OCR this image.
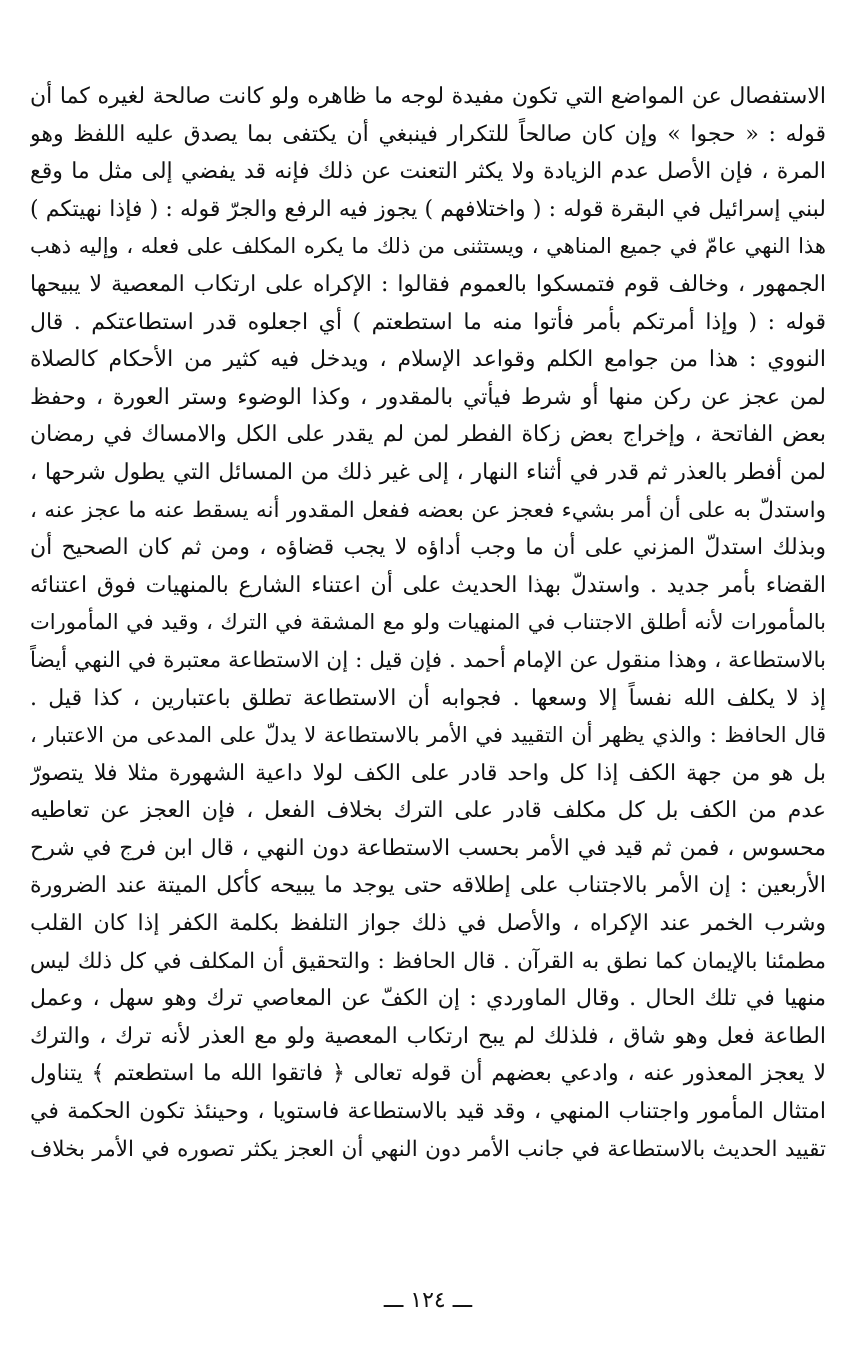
الاستفصال عن المواضع التي تكون مفيدة لوجه ما ظاهره ولو كانت صالحة لغيره كما أن
قوله : « حجوا » وإن كان صالحاً للتكرار فينبغي أن يكتفى بما يصدق عليه اللفظ وهو
المرة ، فإن الأصل عدم الزيادة ولا يكثر التعنت عن ذلك فإنه قد يفضي إلى مثل ما وقع
لبني إسرائيل في البقرة قوله : ( واختلافهم ) يجوز فيه الرفع والجرّ قوله : ( فإذا نهيتكم )
هذا النهي عامّ في جميع المناهي ، ويستثنى من ذلك ما يكره المكلف على فعله ، وإليه ذهب
الجمهور ، وخالف قوم فتمسكوا بالعموم فقالوا : الإكراه على ارتكاب المعصية لا يبيحها
قوله : ( وإذا أمرتكم بأمر فأتوا منه ما استطعتم ) أي اجعلوه قدر استطاعتكم . قال
النووي : هذا من جوامع الكلم وقواعد الإسلام ، ويدخل فيه كثير من الأحكام كالصلاة
لمن عجز عن ركن منها أو شرط فيأتي بالمقدور ، وكذا الوضوء وستر العورة ، وحفظ
بعض الفاتحة ، وإخراج بعض زكاة الفطر لمن لم يقدر على الكل والامساك في رمضان
لمن أفطر بالعذر ثم قدر في أثناء النهار ، إلى غير ذلك من المسائل التي يطول شرحها ،
واستدلّ به على أن أمر بشيء فعجز عن بعضه ففعل المقدور أنه يسقط عنه ما عجز عنه ،
وبذلك استدلّ المزني على أن ما وجب أداؤه لا يجب قضاؤه ، ومن ثم كان الصحيح أن
القضاء بأمر جديد . واستدلّ بهذا الحديث على أن اعتناء الشارع بالمنهيات فوق اعتنائه
بالمأمورات لأنه أطلق الاجتناب في المنهيات ولو مع المشقة في الترك ، وقيد في المأمورات
بالاستطاعة ، وهذا منقول عن الإمام أحمد . فإن قيل : إن الاستطاعة معتبرة في النهي أيضاً
إذ لا يكلف الله نفساً إلا وسعها . فجوابه أن الاستطاعة تطلق باعتبارين ، كذا قيل .
قال الحافظ : والذي يظهر أن التقييد في الأمر بالاستطاعة لا يدلّ على المدعى من الاعتبار ،
بل هو من جهة الكف إذا كل واحد قادر على الكف لولا داعية الشهورة مثلا فلا يتصورّ
عدم من الكف بل كل مكلف قادر على الترك بخلاف الفعل ، فإن العجز عن تعاطيه
محسوس ، فمن ثم قيد في الأمر بحسب الاستطاعة دون النهي ، قال ابن فرج في شرح
الأربعين : إن الأمر بالاجتناب على إطلاقه حتى يوجد ما يبيحه كأكل الميتة عند الضرورة
وشرب الخمر عند الإكراه ، والأصل في ذلك جواز التلفظ بكلمة الكفر إذا كان القلب
مطمئنا بالإيمان كما نطق به القرآن . قال الحافظ : والتحقيق أن المكلف في كل ذلك ليس
منهيا في تلك الحال . وقال الماوردي : إن الكفّ عن المعاصي ترك وهو سهل ، وعمل
الطاعة فعل وهو شاق ، فلذلك لم يبح ارتكاب المعصية ولو مع العذر لأنه ترك ، والترك
لا يعجز المعذور عنه ، وادعي بعضهم أن قوله تعالى ﴿ فاتقوا الله ما استطعتم ﴾ يتناول
امتثال المأمور واجتناب المنهي ، وقد قيد بالاستطاعة فاستويا ، وحينئذ تكون الحكمة في
تقييد الحديث بالاستطاعة في جانب الأمر دون النهي أن العجز يكثر تصوره في الأمر بخلاف
ـــ ١٢٤ ـــ
